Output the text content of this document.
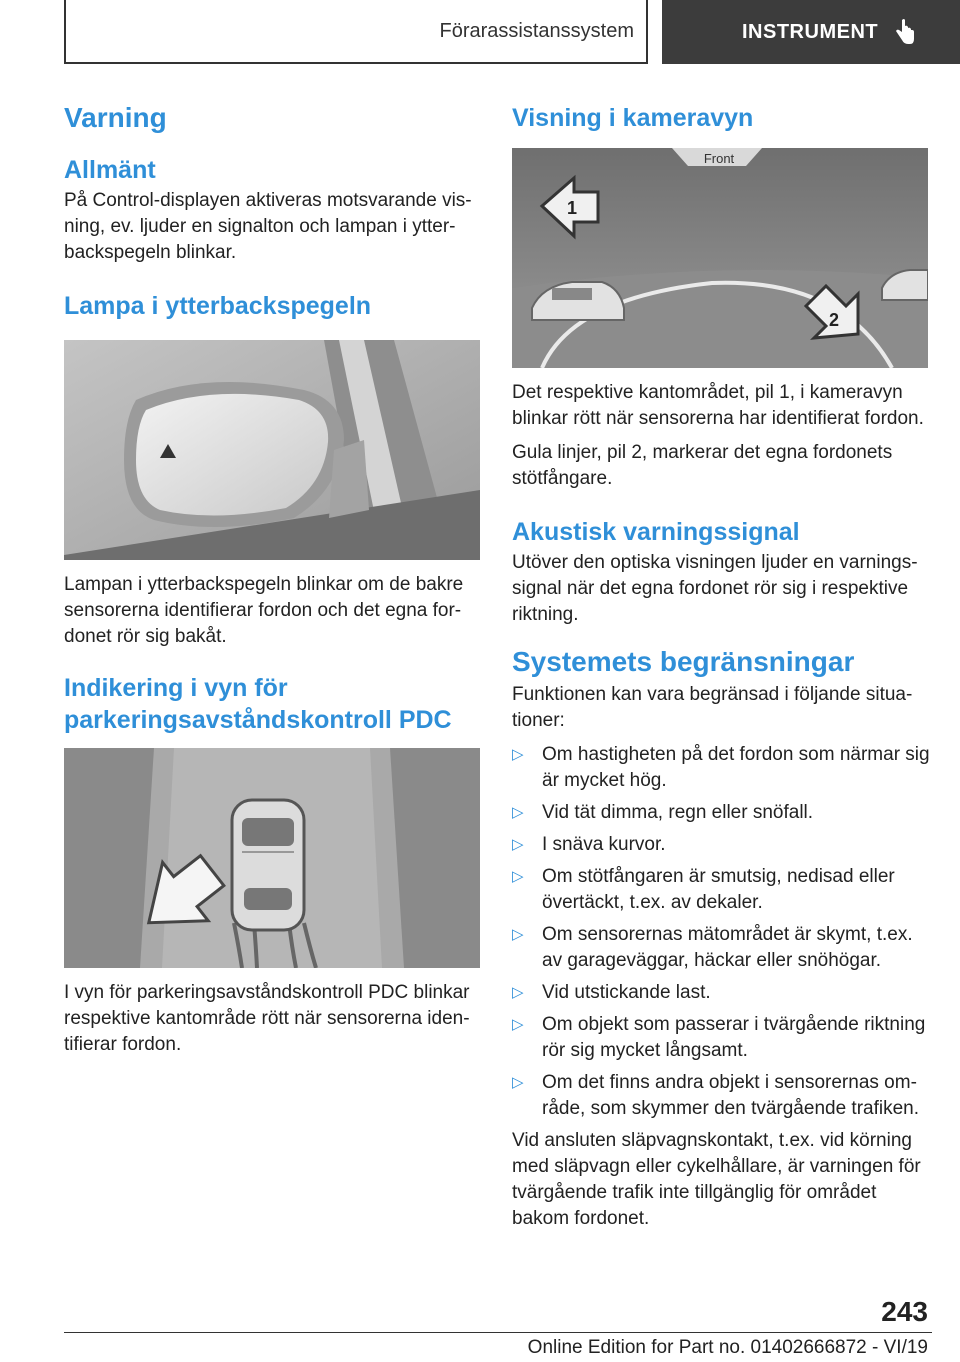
Förarassistanssystem	INSTRUMENT
Varning
Allmänt

På Control-displayen aktiveras motsvarande vis-ning, ev. ljuder en signalton och lampan i ytter-backspegeln blinkar.

Lampa i ytterbackspegeln

Lampan i ytterbackspegeln blinkar om de bakre sensorerna identifierar fordon och det egna for-donet rör sig bakåt.

Indikering i vyn för parkeringsavståndskontroll PDC

I vyn för parkeringsavståndskontroll PDC blinkar respektive kantområde rött när sensorerna iden-tifierar fordon.

Visning i kameravyn
Front
1
2

Det respektive kantområdet, pil 1, i kameravyn blinkar rött när sensorerna har identifierat fordon.

Gula linjer, pil 2, markerar det egna fordonets stötfångare.

Akustisk varningssignal

Utöver den optiska visningen ljuder en varnings-signal när det egna fordonet rör sig i respektive riktning.

Systemets begränsningar

Funktionen kan vara begränsad i följande situa-tioner:

▷ Om hastigheten på det fordon som närmar sig är mycket hög.
▷ Vid tät dimma, regn eller snöfall.
▷ I snäva kurvor.
▷ Om stötfångaren är smutsig, nedisad eller övertäckt, t.ex. av dekaler.
▷ Om sensorernas mätområdet är skymt, t.ex. av garageväggar, häckar eller snöhögar.
▷ Vid utstickande last.
▷ Om objekt som passerar i tvärgående riktning rör sig mycket långsamt.
▷ Om det finns andra objekt i sensorernas om-råde, som skymmer den tvärgående trafiken.

Vid ansluten släpvagnskontakt, t.ex. vid körning med släpvagn eller cykelhållare, är varningen för tvärgående trafik inte tillgänglig för området bakom fordonet.

243
Online Edition for Part no. 01402666872 - VI/19
